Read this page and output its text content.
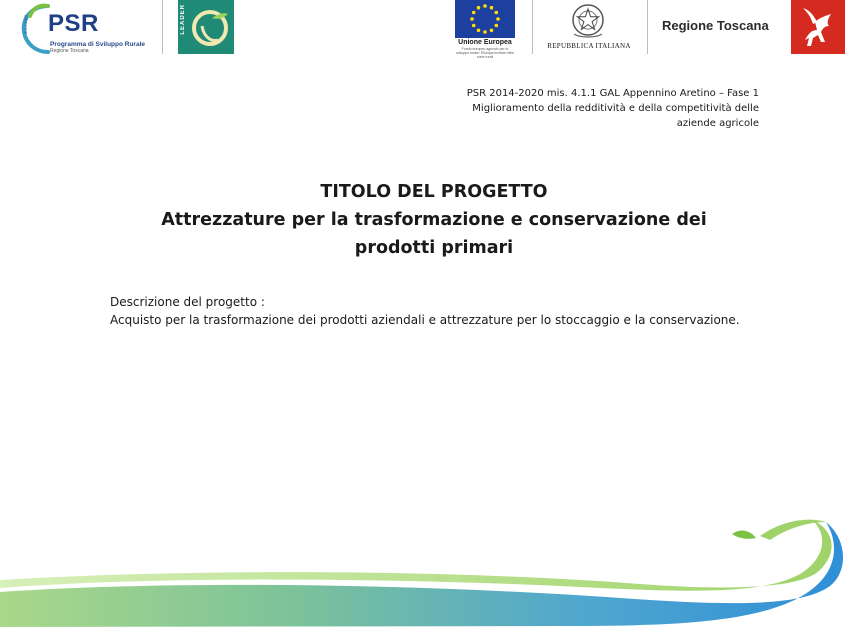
2014-2020 PSR
Programma di Sviluppo Rurale
Regione Toscana
LEADER
Unione Europea
Fondo europeo agricolo per lo sviluppo rurale: l'Europa investe nelle zone rurali
REPUBBLICA ITALIANA
Regione Toscana
PSR 2014-2020 mis. 4.1.1 GAL Appennino Aretino – Fase 1
Miglioramento della redditività e della competitività delle
aziende agricole
TITOLO DEL PROGETTO
Attrezzature per la trasformazione e conservazione dei
prodotti primari
Descrizione del progetto :
Acquisto per la trasformazione dei prodotti aziendali e attrezzature per lo stoccaggio e la conservazione.
